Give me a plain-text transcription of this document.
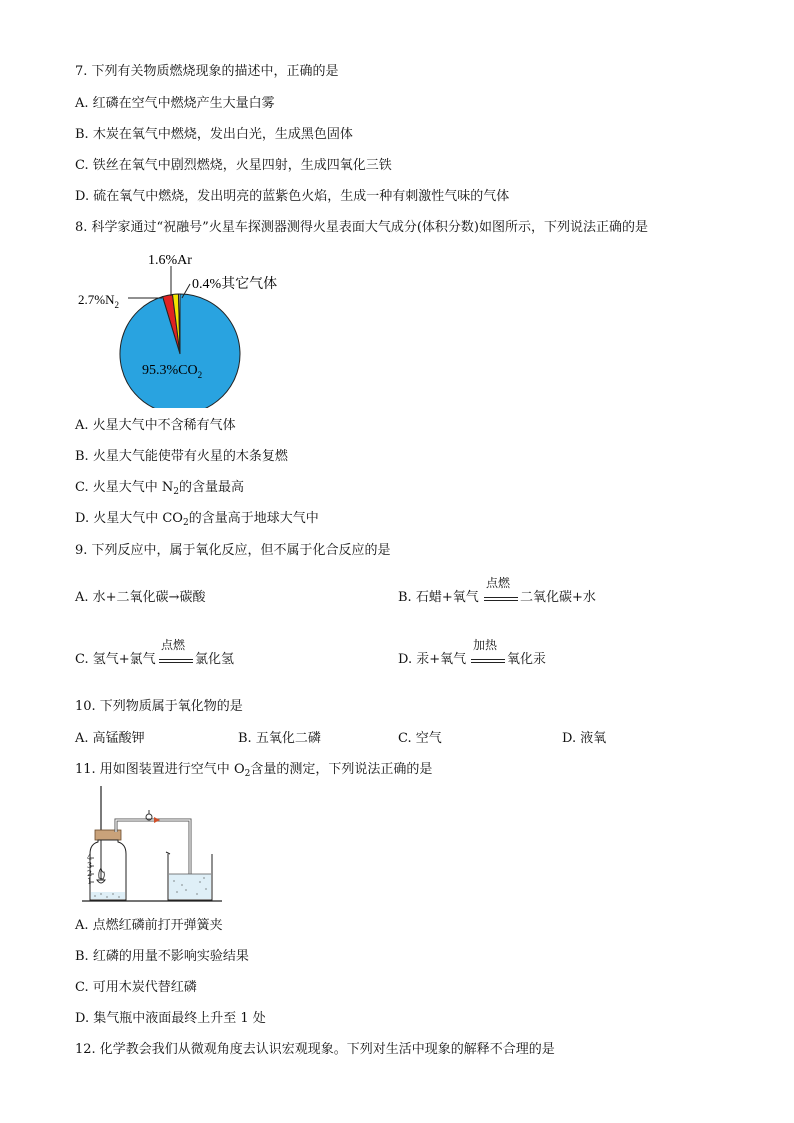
7. 下列有关物质燃烧现象的描述中，正确的是
A. 红磷在空气中燃烧产生大量白雾
B. 木炭在氧气中燃烧，发出白光，生成黑色固体
C. 铁丝在氧气中剧烈燃烧，火星四射，生成四氧化三铁
D. 硫在氧气中燃烧，发出明亮的蓝紫色火焰，生成一种有刺激性气味的气体
8. 科学家通过“祝融号”火星车探测器测得火星表面大气成分(体积分数)如图所示，下列说法正确的是
1.6%Ar
0.4%其它气体
$2.7\%N_2$
$95.3\%CO_2$
A. 火星大气中不含稀有气体
B. 火星大气能使带有火星的木条复燃
C. 火星大气中 $N_2$的含量最高
D. 火星大气中 $CO_2$的含量高于地球大气中
9. 下列反应中，属于氧化反应，但不属于化合反应的是
A. 水+二氧化碳→碳酸	B. 石蜡+氧气
点燃
二氧化碳+水
C. 氢气+氯气
点燃
氯化氢	D. 汞+氧气
加热
氧化汞
10. 下列物质属于氧化物的是
A. 高锰酸钾	B. 五氧化二磷	C. 空气	D. 液氧
11. 用如图装置进行空气中 $O_2$含量的测定，下列说法正确的是
4
3
2
1
A. 点燃红磷前打开弹簧夹
B. 红磷的用量不影响实验结果
C. 可用木炭代替红磷
D. 集气瓶中液面最终上升至 1 处
12. 化学教会我们从微观角度去认识宏观现象。下列对生活中现象的解释不合理的是
